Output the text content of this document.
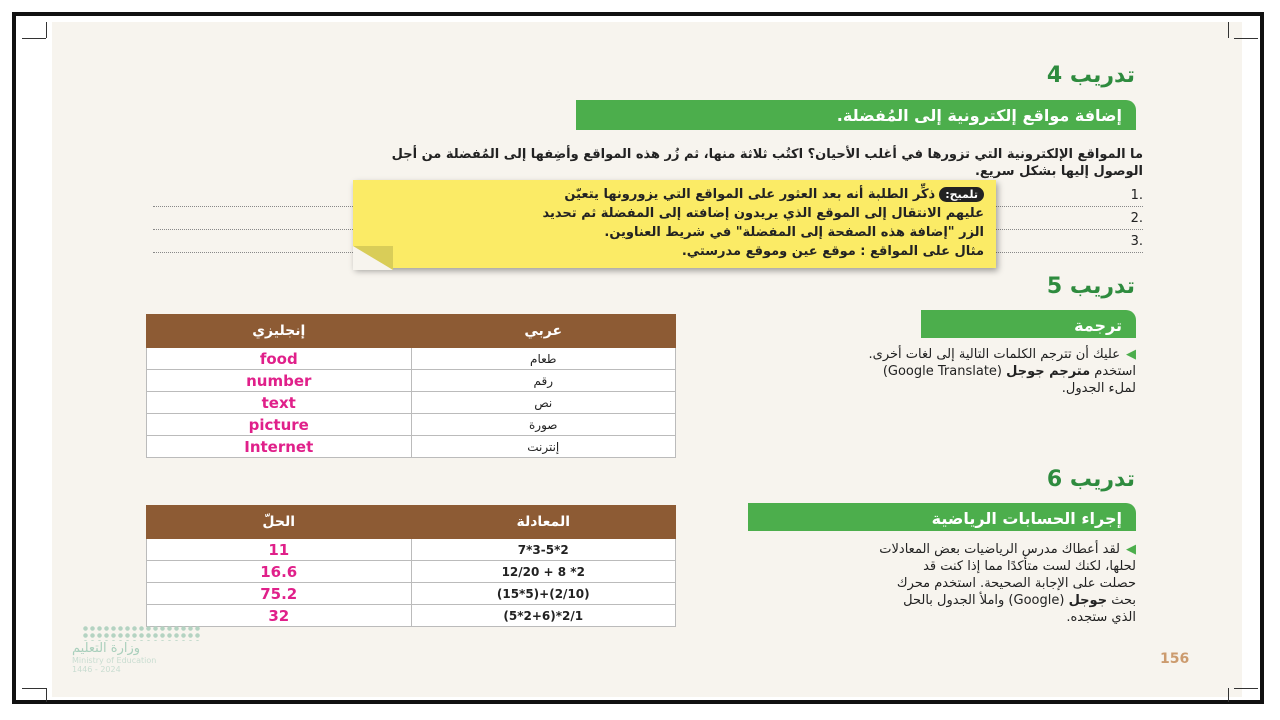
تدريب 4
إضافة مواقع إلكترونية إلى المُفضلة.
ما المواقع الإلكترونية التي تزورها في أغلب الأحيان؟ اكتُب ثلاثة منها، ثم زُر هذه المواقع وأضِفها إلى المُفضلة من أجل
الوصول إليها بشكل سريع.
1.
2.
3.
تلميح:ذكِّر الطلبة أنه بعد العثور على المواقع التي يزورونها يتعيّن
عليهم الانتقال إلى الموقع الذي يريدون إضافته إلى المفضلة ثم تحديد
الزر "إضافة هذه الصفحة إلى المفضلة" في شريط العناوين.
مثال على المواقع : موقع عين وموقع مدرستي.
تدريب 5
ترجمة
◀عليك أن تترجم الكلمات التالية إلى لغات أخرى.
استخدم مترجم جوجل (Google Translate)
لملء الجدول.
إنجليزي	عربي
food	طعام
number	رقم
text	نص
picture	صورة
Internet	إنترنت
تدريب 6
إجراء الحسابات الرياضية
◀لقد أعطاك مدرس الرياضيات بعض المعادلات
لحلها، لكنك لست متأكدًا مما إذا كنت قد
حصلت على الإجابة الصحيحة. استخدم محرك
بحث جوجل (Google) واملأ الجدول بالحل
الذي ستجده.
الحلّ	المعادلة
11	7*3-5*2
16.6	12/20 + 8 *2
75.2	(15*5)+(2/10)
32	(5*2+6)*2/1
وزارة التعليم
Ministry of Education
2024 - 1446
156
